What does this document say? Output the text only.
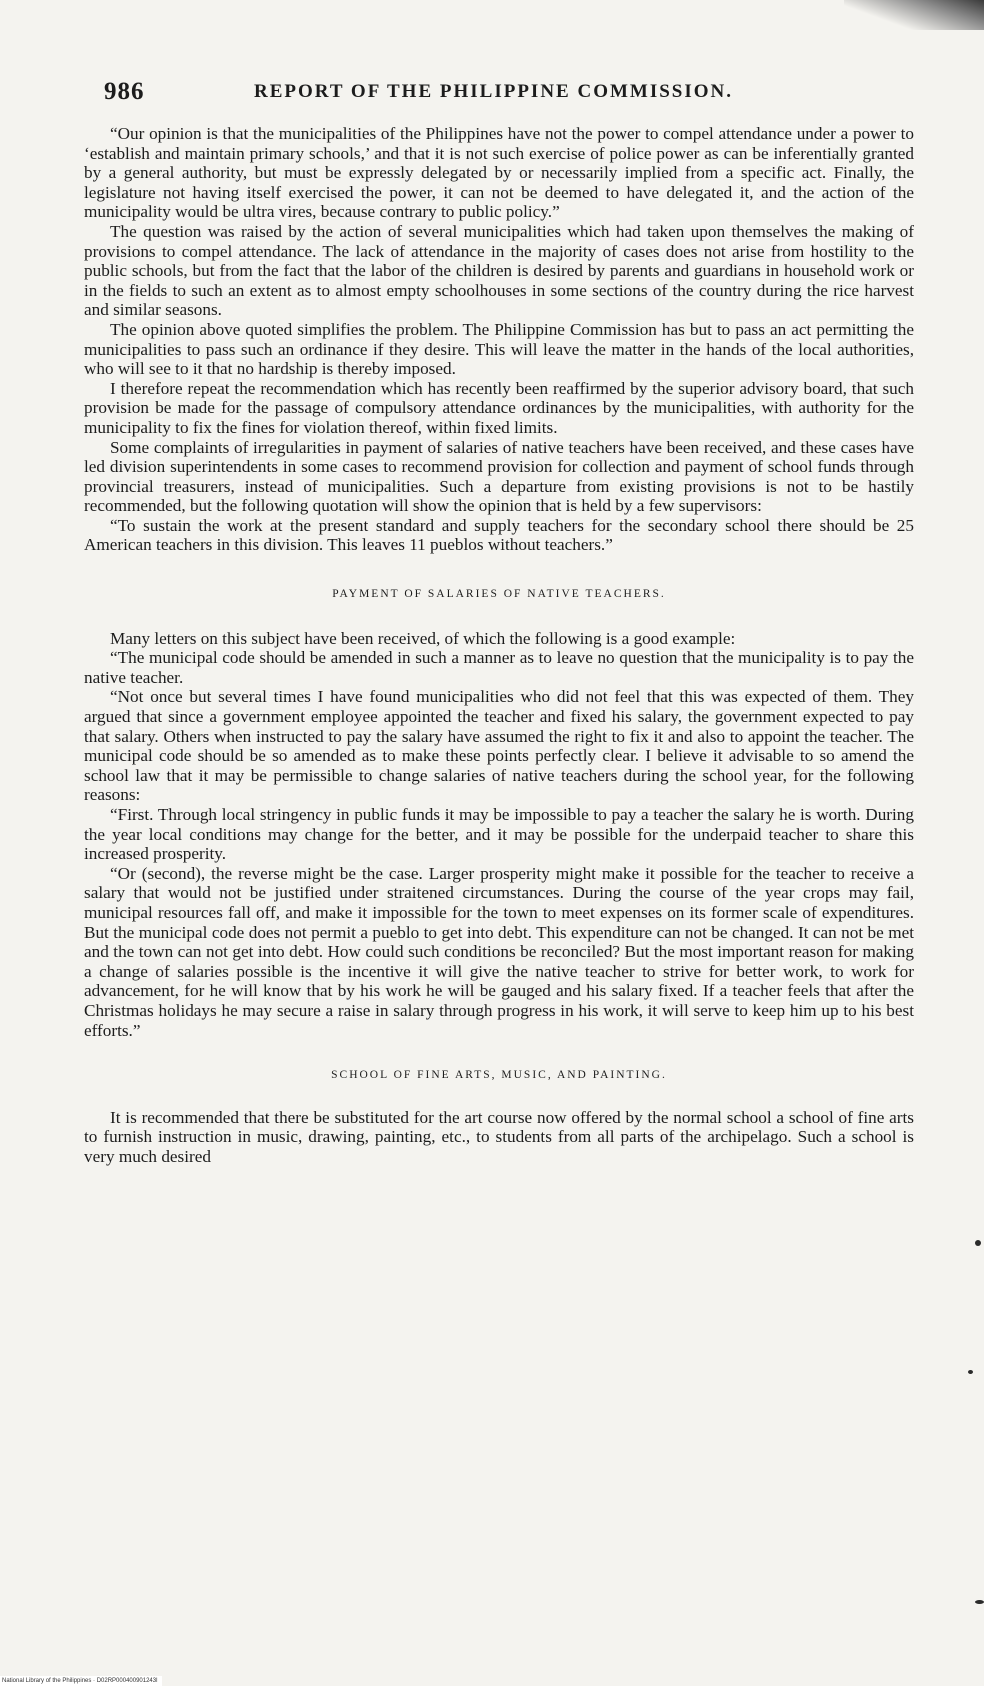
986	REPORT OF THE PHILIPPINE COMMISSION.

“Our opinion is that the municipalities of the Philippines have not the power to compel attendance under a power to ‘establish and maintain primary schools,’ and that it is not such exercise of police power as can be inferentially granted by a general authority, but must be expressly delegated by or necessarily implied from a specific act. Finally, the legislature not having itself exercised the power, it can not be deemed to have delegated it, and the action of the municipality would be ultra vires, because contrary to public policy.”

The question was raised by the action of several municipalities which had taken upon themselves the making of provisions to compel attendance. The lack of attendance in the majority of cases does not arise from hostility to the public schools, but from the fact that the labor of the children is desired by parents and guardians in household work or in the fields to such an extent as to almost empty schoolhouses in some sections of the country during the rice harvest and similar seasons.

The opinion above quoted simplifies the problem. The Philippine Commission has but to pass an act permitting the municipalities to pass such an ordinance if they desire. This will leave the matter in the hands of the local authorities, who will see to it that no hardship is thereby imposed.

I therefore repeat the recommendation which has recently been reaffirmed by the superior advisory board, that such provision be made for the passage of compulsory attendance ordinances by the municipalities, with authority for the municipality to fix the fines for violation thereof, within fixed limits.

Some complaints of irregularities in payment of salaries of native teachers have been received, and these cases have led division superintendents in some cases to recommend provision for collection and payment of school funds through provincial treasurers, instead of municipalities. Such a departure from existing provisions is not to be hastily recommended, but the following quotation will show the opinion that is held by a few supervisors:

“To sustain the work at the present standard and supply teachers for the secondary school there should be 25 American teachers in this division. This leaves 11 pueblos without teachers.”

PAYMENT OF SALARIES OF NATIVE TEACHERS.

Many letters on this subject have been received, of which the following is a good example:

“The municipal code should be amended in such a manner as to leave no question that the municipality is to pay the native teacher.

“Not once but several times I have found municipalities who did not feel that this was expected of them. They argued that since a government employee appointed the teacher and fixed his salary, the government expected to pay that salary. Others when instructed to pay the salary have assumed the right to fix it and also to appoint the teacher. The municipal code should be so amended as to make these points perfectly clear. I believe it advisable to so amend the school law that it may be permissible to change salaries of native teachers during the school year, for the following reasons:

“First. Through local stringency in public funds it may be impossible to pay a teacher the salary he is worth. During the year local conditions may change for the better, and it may be possible for the underpaid teacher to share this increased prosperity.

“Or (second), the reverse might be the case. Larger prosperity might make it possible for the teacher to receive a salary that would not be justified under straitened circumstances. During the course of the year crops may fail, municipal resources fall off, and make it impossible for the town to meet expenses on its former scale of expenditures. But the municipal code does not permit a pueblo to get into debt. This expenditure can not be changed. It can not be met and the town can not get into debt. How could such conditions be reconciled? But the most important reason for making a change of salaries possible is the incentive it will give the native teacher to strive for better work, to work for advancement, for he will know that by his work he will be gauged and his salary fixed. If a teacher feels that after the Christmas holidays he may secure a raise in salary through progress in his work, it will serve to keep him up to his best efforts.”

SCHOOL OF FINE ARTS, MUSIC, AND PAINTING.

It is recommended that there be substituted for the art course now offered by the normal school a school of fine arts to furnish instruction in music, drawing, painting, etc., to students from all parts of the archipelago. Such a school is very much desired

National Library of the Philippines · D02RP000400901243l
